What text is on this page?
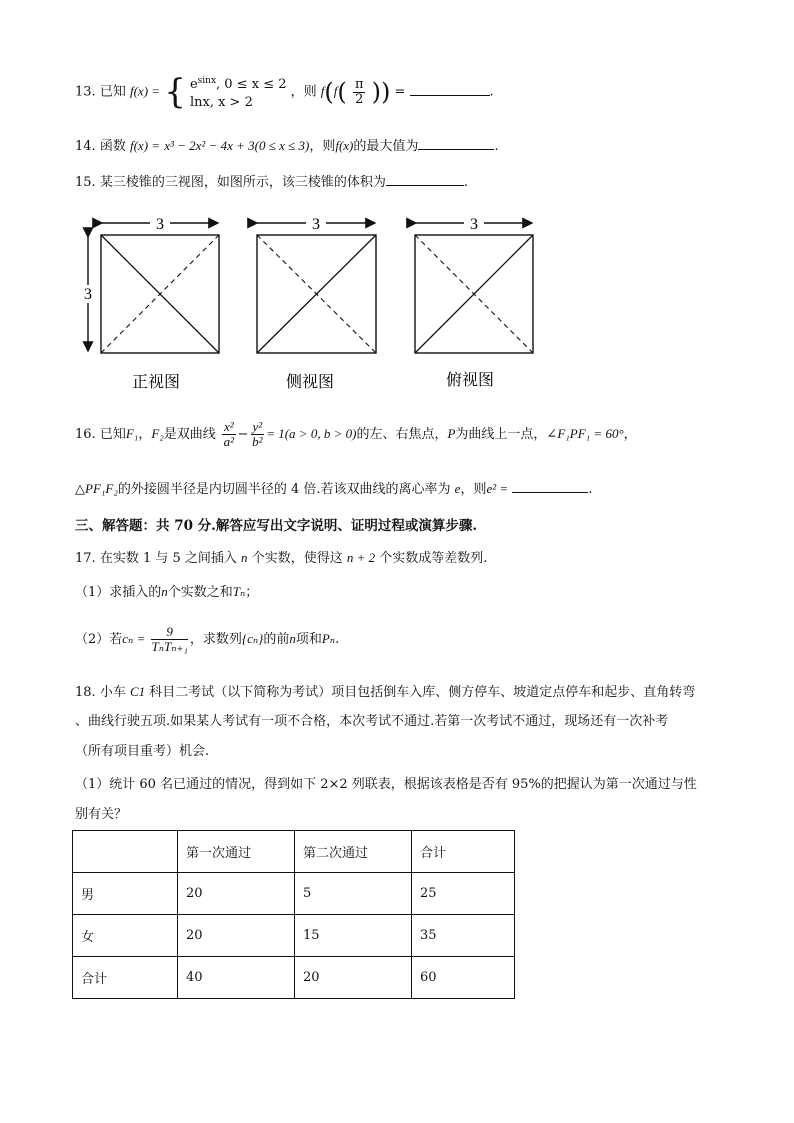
13. 已知 f(x) = { $e^{sinx}$, 0 ≤ x ≤ 2
lnx, x > 2
，则 $f(f( \frac{\pi}{2}$ )) =	.
14. 函数 f(x) = x³ − 2x² − 4x + 3(0 ≤ x ≤ 3)，则f(x)的最大值为	.
15. 某三棱锥的三视图，如图所示，该三棱锥的体积为	.
3
3
正视图
3
侧视图
3
俯视图
16. 已知F₁，F₂是双曲线 $\frac{\text{x²}}{\text{a²}} - \frac{\text{y²}}{\text{b²}} = 1(a > 0$, b > 0)的左、右焦点，P为曲线上一点，∠F₁PF₁ = 60°，
△PF₁F₂的外接圆半径是内切圆半径的 4 倍.若该双曲线的离心率为 e，则e² =	.
三、解答题：共 70 分.解答应写出文字说明、证明过程或演算步骤.
17. 在实数 1 与 5 之间插入 n 个实数，使得这 n + 2 个实数成等差数列.
（1）求插入的n个实数之和Tₙ；
（2）若$c_n = \frac{9}{\text{TₙTₙ₊₁}}$ ，求数列{cₙ}的前n项和Pₙ.
18. 小车 C1 科目二考试（以下简称为考试）项目包括倒车入库、侧方停车、坡道定点停车和起步、直角转弯
、曲线行驶五项.如果某人考试有一项不合格，本次考试不通过.若第一次考试不通过，现场还有一次补考
（所有项目重考）机会.
（1）统计 60 名已通过的情况，得到如下 2×2 列联表，根据该表格是否有 95%的把握认为第一次通过与性
别有关？
	第一次通过	第二次通过	合计
男	20	5	25
女	20	15	35
合计	40	20	60
